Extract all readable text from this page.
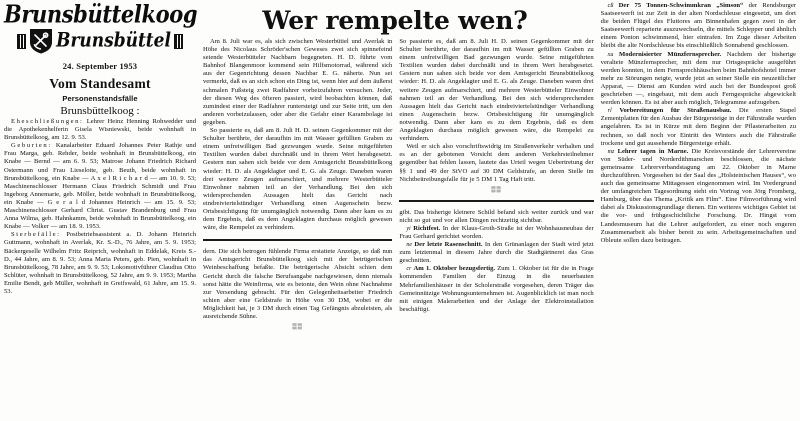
Wer rempelte wen?
Brunsbüttelkoog
Brunsbüttel
24. September 1953
Vom Standesamt
Personenstandsfälle
Brunsbüttelkoog :

Eheschließungen: Lehrer Heinz Henning Rohwedder und die Apothekenhelferin Gisela Wisniewski, beide wohnhaft in Brunsbüttelkoog, am 12. 9. 53.

Geburten: Kanalarbeiter Eduard Johannes Peter Rathje und Frau Marga, geb. Rehder, beide wohnhaft in Brunsbüttelkoog, ein Knabe — Bernd — am 6. 9. 53; Matrose Johann Friedrich Richard Ostermann und Frau Lieselotte, geb. Beuth, beide wohnhaft in Brunsbüttelkoog, ein Knabe — A x e l R i c h a r d — am 10. 9. 53; Maschinenschlosser Hermann Claus Friedrich Schmidt und Frau Ingeborg Annemarie, geb. Möller, beide wohnhaft in Brunsbüttelkoog, ein Knabe — G e r a l d Johannes Heinrich — am 15. 9. 53; Maschinenschlosser Gerhard Christ. Gustav Brandenburg und Frau Anna Wilma, geb. Hahnkamm, beide wohnhaft in Brunsbüttelkoog, ein Knabe — Volker — am 18. 9. 1953.

Sterbefälle: Postbetriebsassistent a. D. Johann Heinrich Guttmann, wohnhaft in Averlak, Kr. S.-D., 76 Jahre, am 5. 9. 1953; Bäckergeselle Wilhelm Fritz Reiprich, wohnhaft in Eddelak, Kreis S.-D., 44 Jahre, am 8. 9. 53; Anna Maria Peters, geb. Pien, wohnhaft in Brunsbüttelkoog, 78 Jahre, am 9. 9. 53; Lokomotivführer Claudius Otto Schlüter, wohnhaft in Brunsbüttelkoog, 52 Jahre, am 9. 9. 1953; Martha Emilie Bendt, geb Müller, wohnhaft in Greifswald, 61 Jahre, am 15. 9. 53.

Am 8. Juli war es, als sich zwischen Westerbütiel und Averlak in Höhe des Nicolaus Schröder'schen Geweses zwei sich spinnefeind seiende Westerbütteler Nachbarn begegneten. H. D. führte vom Bahnhof Blangenmoor kommend sein Hilfsmotorrad, während sich aus der Gegenrichtung dessen Nachbar E. G. näherte. Nun sei vermerkt, daß es an sich schon ein Ding ist, wenn hier auf dem äußerst schmalen Fußsteig zwei Radfahrer vorbeizufahren versuchen. Jeder, der diesen Weg des öfteren passiert, wird beobachten können, daß zumindest einer der Radfahrer runtersteigt und zur Seite tritt, um den anderen vorbeizulassen, oder aber die Gefahr einer Karambolage ist gegeben.

So passierte es, daß am 8. Juli H. D. seinen Gegenkommer mit der Schulter berührte, der daraufhin im mit Wasser gefüllten Graben zu einem unfreiwilligen Bad gezwungen wurde. Seine mitgeführten Textilien wurden dabei durchnäßt und in ihrem Wert herabgesetzt. Gestern nun sahen sich beide vor dem Amtsgericht Brunsbüttelkoog wieder: H. D. als Angeklagter und E. G. als Zeuge. Daneben waren drei weitere Zeugen aufmarschiert, und mehrere Westerbütteler Einwohner nahmen teil an der Verhandlung. Bei den sich widersprechenden Aussagen hielt das Gericht nach eindreiviertelstündiger Verhandlung einen Augenschein bezw. Ortsbesichtigung für unumgänglich notwendig. Dann aber kam es zu dem Ergebnis, daß es dem Angeklagten durchaus möglich gewesen wäre, die Rempelei zu verhindern.

dern. Die sich betrogen fühlende Firma erstattete Anzeige, so daß nun das Amtsgericht Brunsbüttelkoog sich mit der betrügerischen Weinbeschaffung befaßte. Die betrügerische Absicht schien dem Gericht durch die falsche Berufsangabe nachgewiesen, denn niemals sonst hätte die Weinfirma, wie es betonte, den Wein ohne Nachnahme zur Versendung gebracht. Für den Gelegenheitsarbeiter Friedrich schien aber eine Geldstrafe in Höhe von 30 DM, wobei er die Möglichkeit hat, je 3 DM durch einen Tag Gefängnis abzuleisten, als ausreichende Sühne.

▒▒

So passierte es, daß am 8. Juli H. D. seinen Gegenkommer mit der Schulter berührte, der daraufhin im mit Wasser gefüllten Graben zu einem unfreiwilligen Bad gezwungen wurde. Seine mitgeführten Textilien wurden dabei durchnäßt und in ihrem Wert herabgesetzt. Gestern nun sahen sich beide vor dem Amtsgericht Brunsbüttelkoog wieder: H. D. als Angeklagter und E. G. als Zeuge. Daneben waren drei weitere Zeugen aufmarschiert, und mehrere Westerbütteler Einwohner nahmen teil an der Verhandlung. Bei den sich widersprechenden Aussagen hielt das Gericht nach eindreiviertelstündiger Verhandlung einen Augenschein bezw. Ortsbesichtigung für unumgänglich notwendig. Dann aber kam es zu dem Ergebnis, daß es dem Angeklagten durchaus möglich gewesen wäre, die Rempelei zu verhindern.

Weil er sich also vorschriftswidrig im Straßenverkehr verhalten und es an der gebotenen Vorsicht dem anderen Verkehrsteilnehmer gegenüber hat fehlen lassen, lautete das Urteil wegen Uebertretung der §§ 1 und 49 der StVO auf 30 DM Geldstrafe, an deren Stelle im Nichtbeitreibungsfalle für je 5 DM 1 Tag Haft tritt.

▒▒

gibt. Das bisherige kleinere Schild befand sich weiter zurück und war nicht so gut und vor allen Dingen rechtzeitig sichtbar.

yi Richtfest. In der Klaus-Groth-Straße ist der Wohnhausneubau der Frau Gerhard gerichtet worden.

ne Der letzte Rasenschnitt. In den Grünanlagen der Stadt wird jetzt zum letztenmal in diesem Jahre durch die Stadtgärtnerei das Gras geschnitten.

cr Am 1. Oktober bezugsfertig. Zum 1. Oktober ist für die in Frage kommenden Familien der Einzug in die neuerbauten Mehrfamilienhäuser in der Scholerstraße vorgesehen, deren Träger das Gemeinnützige Wohnungsunternehmen ist. Augenblicklich ist man noch mit einigen Malerarbeiten und der Anlage der Elektroinstallation beschäftigt.

cß Der 75 Tonnen-Schwimmkran „Simson“ der Rendsburger Saatseewerft ist zur Zeit in der alten Nordschleuse eingesetzt, um dort die beiden Flügel des Fluttores am Binnenhafen gegen zwei in der Saatseewerft reparierte auszuwechseln, die mittels Schlepper und ähnlich einem Ponton schwimmend, hier eintrafen. Im Zuge dieser Arbeiten bleibt die alte Nordschleuse bis einschließlich Sonnabend geschlossen.

xu Modernisierter Münzfernsprecher. Nachdem der bisherige veraltete Münzfernsprecher, mit dem nur Ortsgespräche ausgeführt werden konnten, in dem Fernsprechhäuschen beim Bahnhofshotel immer mehr zu Störungen neigte, wurde jetzt an seiner Stelle ein neuzeitlicher Apparat, — Dienst am Kunden wird auch bei der Bundespost groß geschrieben —, eingebaut, mit dem auch Ferngespräche abgewickelt werden können. Es ist aber auch möglich, Telegramme aufzugeben.

rl Vorbereitungen für Straßenausbau. Die ersten Stapel Zementplatten für den Ausbau der Bürgersteige in der Fährstraße wurden angefahren. Es ist in Kürze mit dem Beginn der Pflasterarbeiten zu rechnen, so daß noch vor Eintritt des Winters auch die Fährstraße trockene und gut aussehende Bürgersteige erhält.

mz Lehrer tagen in Marne. Die Kreisvorstände der Lehrervereine von Süder- und Norderdithmarschen beschlossen, die nächste gemeinsame Lehrerverbandstagung am 22. Oktober in Marne durchzuführen. Vorgesehen ist der Saal des „Holsteinischen Hauses“, wo auch das gemeinsame Mittagessen eingenommen wird. Im Vordergrund der umfangreichen Tagesordnung steht ein Vortrag von Jörg Fromberg, Hamburg, über das Thema „Kritik am Film“. Eine Filmvorführung wird dabei als Diskussionsgrundlage dienen. Ein weiteres wichtiges Gebiet ist die vor- und frühgeschichtliche Forschung. Dr. Hingst vom Landesmuseum hat die Lehrer aufgefordert, zu einer noch engeren Zusammenarbeit als bisher bereit zu sein. Arbeitsgemeinschaften und Obleute sollen dazu beitragen.
